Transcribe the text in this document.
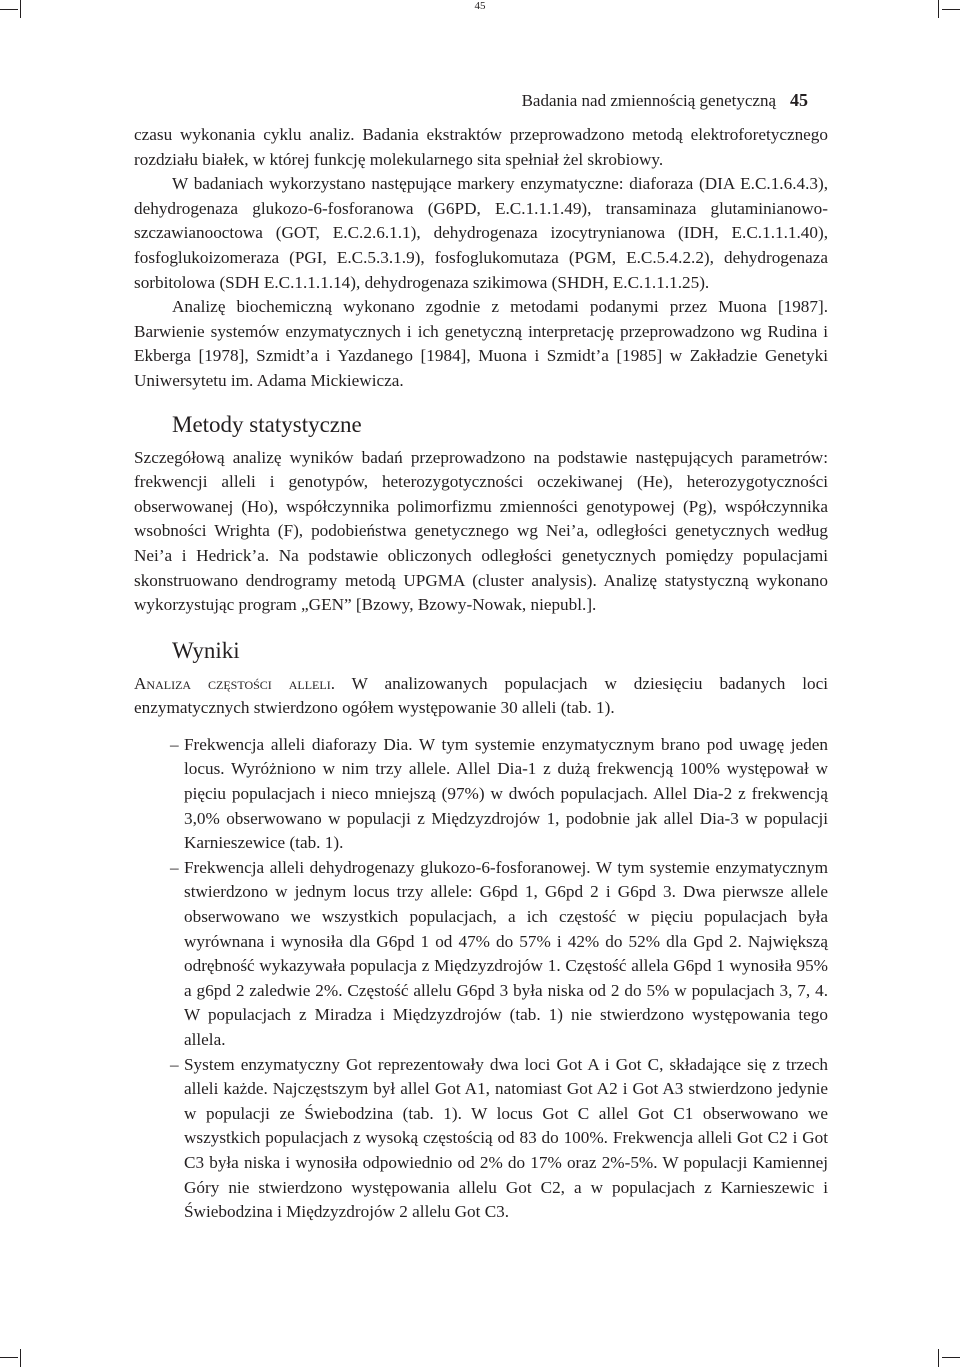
45
Badania nad zmiennością genetyczną 45

czasu wykonania cyklu analiz. Badania ekstraktów przeprowadzono metodą elektroforetycznego rozdziału białek, w której funkcję molekularnego sita spełniał żel skrobiowy.

W badaniach wykorzystano następujące markery enzymatyczne: diaforaza (DIA E.C.1.6.4.3), dehydrogenaza glukozo-6-fosforanowa (G6PD, E.C.1.1.1.49), transaminaza glutaminianowo-szczawianooctowa (GOT, E.C.2.6.1.1), dehydrogenaza izocytrynianowa (IDH, E.C.1.1.1.40), fosfoglukoizomeraza (PGI, E.C.5.3.1.9), fosfoglukomutaza (PGM, E.C.5.4.2.2), dehydrogenaza sorbitolowa (SDH E.C.1.1.1.14), dehydrogenaza szikimowa (SHDH, E.C.1.1.1.25).

Analizę biochemiczną wykonano zgodnie z metodami podanymi przez Muona [1987]. Barwienie systemów enzymatycznych i ich genetyczną interpretację przeprowadzono wg Rudina i Ekberga [1978], Szmidt’a i Yazdanego [1984], Muona i Szmidt’a [1985] w Zakładzie Genetyki Uniwersytetu im. Adama Mickiewicza.

Metody statystyczne

Szczegółową analizę wyników badań przeprowadzono na podstawie następujących parametrów: frekwencji alleli i genotypów, heterozygotyczności oczekiwanej (He), heterozygotyczności obserwowanej (Ho), współczynnika polimorfizmu zmienności genotypowej (Pg), współczynnika wsobności Wrighta (F), podobieństwa genetycznego wg Nei’a, odległości genetycznych według Nei’a i Hedrick’a. Na podstawie obliczonych odległości genetycznych pomiędzy populacjami skonstruowano dendrogramy metodą UPGMA (cluster analysis). Analizę statystyczną wykonano wykorzystując program „GEN” [Bzowy, Bzowy-Nowak, niepubl.].

Wyniki

Analiza częstości alleli. W analizowanych populacjach w dziesięciu badanych loci enzymatycznych stwierdzono ogółem występowanie 30 alleli (tab. 1).

– Frekwencja alleli diaforazy Dia. W tym systemie enzymatycznym brano pod uwagę jeden locus. Wyróżniono w nim trzy allele. Allel Dia-1 z dużą frekwencją 100% występował w pięciu populacjach i nieco mniejszą (97%) w dwóch populacjach. Allel Dia-2 z frekwencją 3,0% obserwowano w populacji z Międzyzdrojów 1, podobnie jak allel Dia-3 w populacji Karnieszewice (tab. 1).
– Frekwencja alleli dehydrogenazy glukozo-6-fosforanowej. W tym systemie enzymatycznym stwierdzono w jednym locus trzy allele: G6pd 1, G6pd 2 i G6pd 3. Dwa pierwsze allele obserwowano we wszystkich populacjach, a ich częstość w pięciu populacjach była wyrównana i wynosiła dla G6pd 1 od 47% do 57% i 42% do 52% dla Gpd 2. Największą odrębność wykazywała populacja z Międzyzdrojów 1. Częstość allela G6pd 1 wynosiła 95% a g6pd 2 zaledwie 2%. Częstość allelu G6pd 3 była niska od 2 do 5% w populacjach 3, 7, 4. W populacjach z Miradza i Międzyzdrojów (tab. 1) nie stwierdzono występowania tego allela.
– System enzymatyczny Got reprezentowały dwa loci Got A i Got C, składające się z trzech alleli każde. Najczęstszym był allel Got A1, natomiast Got A2 i Got A3 stwierdzono jedynie w populacji ze Świebodzina (tab. 1). W locus Got C allel Got C1 obserwowano we wszystkich populacjach z wysoką częstością od 83 do 100%. Frekwencja alleli Got C2 i Got C3 była niska i wynosiła odpowiednio od 2% do 17% oraz 2%-5%. W populacji Kamiennej Góry nie stwierdzono występowania allelu Got C2, a w populacjach z Karnieszewic i Świebodzina i Międzyzdrojów 2 allelu Got C3.
